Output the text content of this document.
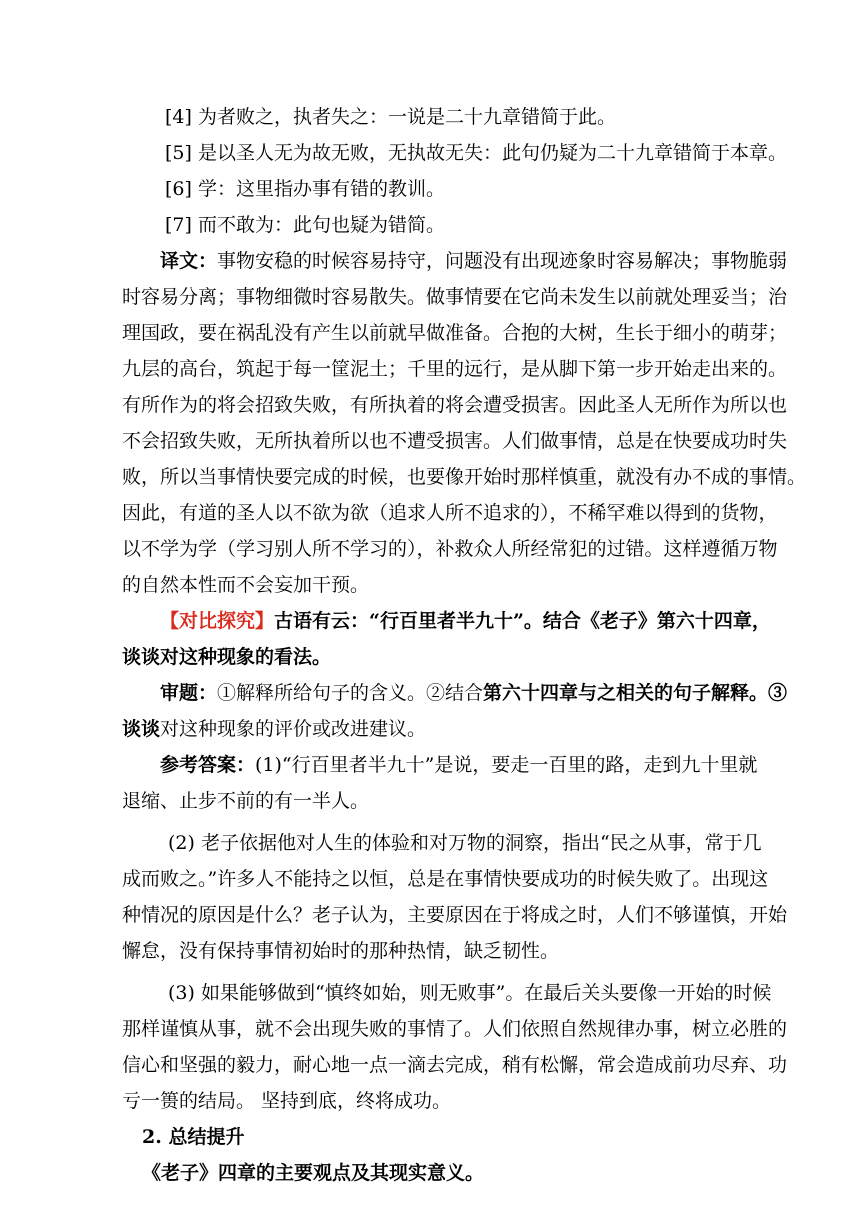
[4] 为者败之，执者失之：一说是二十九章错简于此。
[5] 是以圣人无为故无败，无执故无失：此句仍疑为二十九章错简于本章。
[6] 学：这里指办事有错的教训。
[7] 而不敢为：此句也疑为错简。
译文：事物安稳的时候容易持守，问题没有出现迹象时容易解决；事物脆弱
时容易分离；事物细微时容易散失。做事情要在它尚未发生以前就处理妥当；治
理国政，要在祸乱没有产生以前就早做准备。合抱的大树，生长于细小的萌芽；
九层的高台，筑起于每一筐泥土；千里的远行，是从脚下第一步开始走出来的。
有所作为的将会招致失败，有所执着的将会遭受损害。因此圣人无所作为所以也
不会招致失败，无所执着所以也不遭受损害。人们做事情，总是在快要成功时失
败，所以当事情快要完成的时候，也要像开始时那样慎重，就没有办不成的事情。
因此，有道的圣人以不欲为欲（追求人所不追求的），不稀罕难以得到的货物，
以不学为学（学习别人所不学习的），补救众人所经常犯的过错。这样遵循万物
的自然本性而不会妄加干预。
【对比探究】古语有云：“行百里者半九十”。结合《老子》第六十四章，
谈谈对这种现象的看法。
审题：①解释所给句子的含义。②结合第六十四章与之相关的句子解释。③
谈谈对这种现象的评价或改进建议。
参考答案：(1)“行百里者半九十”是说，要走一百里的路，走到九十里就
退缩、止步不前的有一半人。
(2) 老子依据他对人生的体验和对万物的洞察，指出“民之从事，常于几
成而败之。”许多人不能持之以恒，总是在事情快要成功的时候失败了。出现这
种情况的原因是什么？老子认为，主要原因在于将成之时，人们不够谨慎，开始
懈怠，没有保持事情初始时的那种热情，缺乏韧性。
(3) 如果能够做到“慎终如始，则无败事”。在最后关头要像一开始的时候
那样谨慎从事，就不会出现失败的事情了。人们依照自然规律办事，树立必胜的
信心和坚强的毅力，耐心地一点一滴去完成，稍有松懈，常会造成前功尽弃、功
亏一篑的结局。 坚持到底，终将成功。
2. 总结提升
《老子》四章的主要观点及其现实意义。
